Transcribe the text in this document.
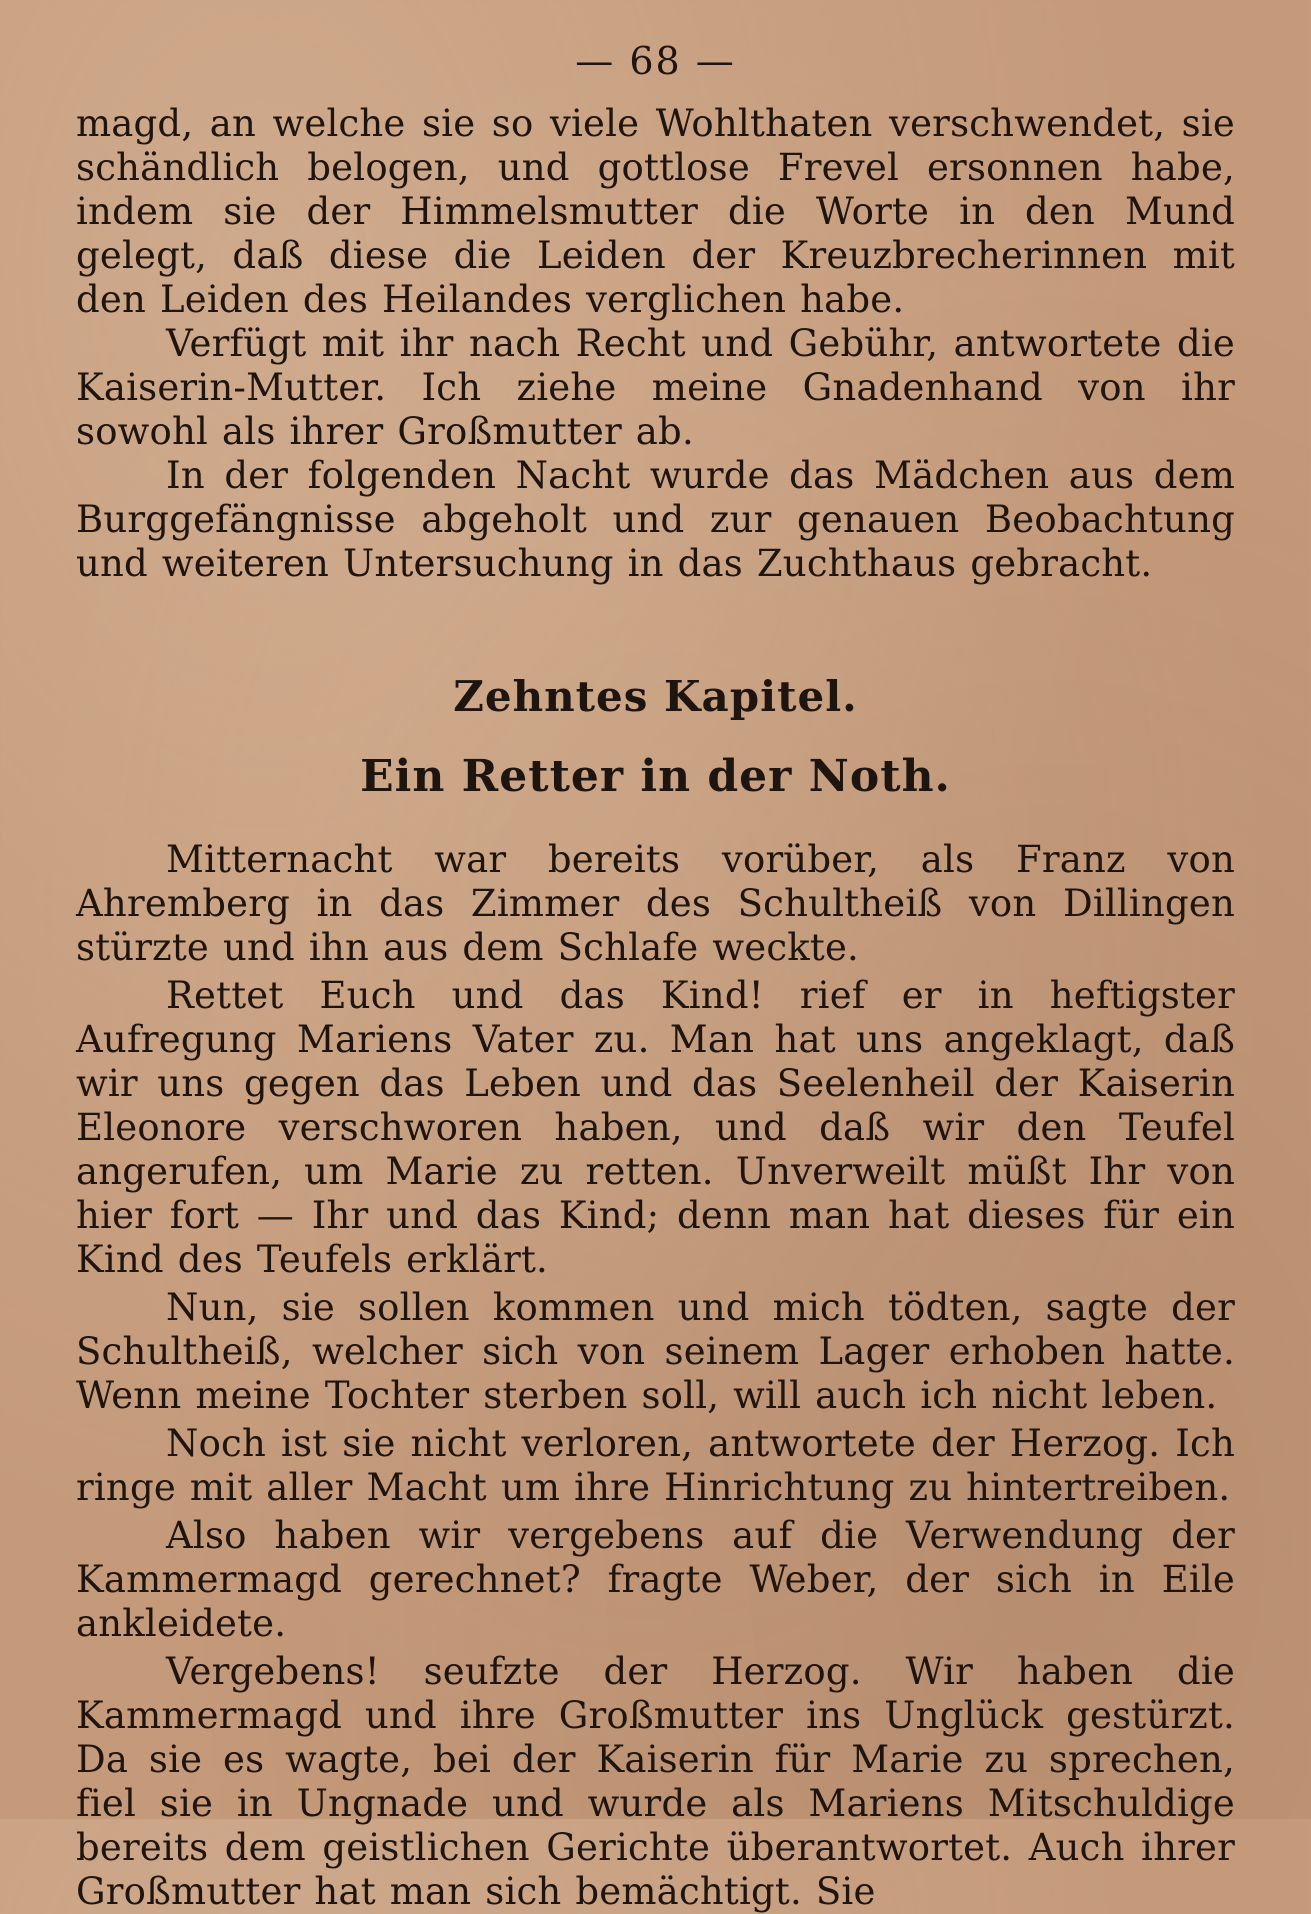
— 68 —

magd, an welche sie so viele Wohlthaten verschwendet, sie schändlich belogen, und gottlose Frevel ersonnen habe, indem sie der Himmelsmutter die Worte in den Mund gelegt, daß diese die Leiden der Kreuzbrecherinnen mit den Leiden des Heilandes verglichen habe.

Verfügt mit ihr nach Recht und Gebühr, antwortete die Kaiserin-Mutter. Ich ziehe meine Gnadenhand von ihr sowohl als ihrer Großmutter ab.

In der folgenden Nacht wurde das Mädchen aus dem Burggefängnisse abgeholt und zur genauen Beobachtung und weiteren Untersuchung in das Zuchthaus gebracht.

Zehntes Kapitel.
Ein Retter in der Noth.

Mitternacht war bereits vorüber, als Franz von Ahremberg in das Zimmer des Schultheiß von Dillingen stürzte und ihn aus dem Schlafe weckte.

Rettet Euch und das Kind! rief er in heftigster Aufregung Mariens Vater zu. Man hat uns angeklagt, daß wir uns gegen das Leben und das Seelenheil der Kaiserin Eleonore verschworen haben, und daß wir den Teufel angerufen, um Marie zu retten. Unverweilt müßt Ihr von hier fort — Ihr und das Kind; denn man hat dieses für ein Kind des Teufels erklärt.

Nun, sie sollen kommen und mich tödten, sagte der Schultheiß, welcher sich von seinem Lager erhoben hatte. Wenn meine Tochter sterben soll, will auch ich nicht leben.

Noch ist sie nicht verloren, antwortete der Herzog. Ich ringe mit aller Macht um ihre Hinrichtung zu hintertreiben.

Also haben wir vergebens auf die Verwendung der Kammermagd gerechnet? fragte Weber, der sich in Eile ankleidete.

Vergebens! seufzte der Herzog. Wir haben die Kammermagd und ihre Großmutter ins Unglück gestürzt. Da sie es wagte, bei der Kaiserin für Marie zu sprechen, fiel sie in Ungnade und wurde als Mariens Mitschuldige bereits dem geistlichen Gerichte überantwortet. Auch ihrer Großmutter hat man sich bemächtigt. Sie
